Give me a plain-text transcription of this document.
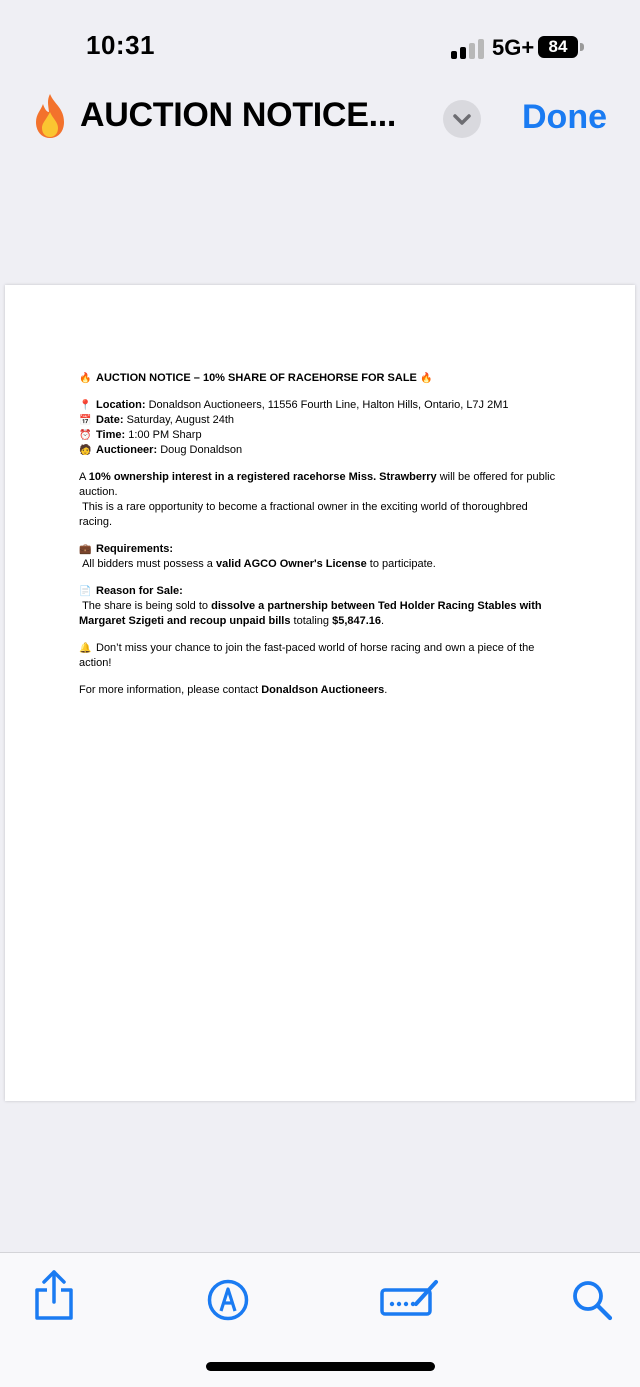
10:31	5G+ 84
AUCTION NOTICE...	Done

🔥 AUCTION NOTICE – 10% SHARE OF RACEHORSE FOR SALE 🔥

📍 Location: Donaldson Auctioneers, 11556 Fourth Line, Halton Hills, Ontario, L7J 2M1
📅 Date: Saturday, August 24th
⏰ Time: 1:00 PM Sharp
🧑 Auctioneer: Doug Donaldson

A 10% ownership interest in a registered racehorse Miss. Strawberry will be offered for public auction.
This is a rare opportunity to become a fractional owner in the exciting world of thoroughbred racing.

💼 Requirements:
All bidders must possess a valid AGCO Owner's License to participate.

📄 Reason for Sale:
The share is being sold to dissolve a partnership between Ted Holder Racing Stables with Margaret Szigeti and recoup unpaid bills totaling $5,847.16.

🔔 Don’t miss your chance to join the fast-paced world of horse racing and own a piece of the action!

For more information, please contact Donaldson Auctioneers.
